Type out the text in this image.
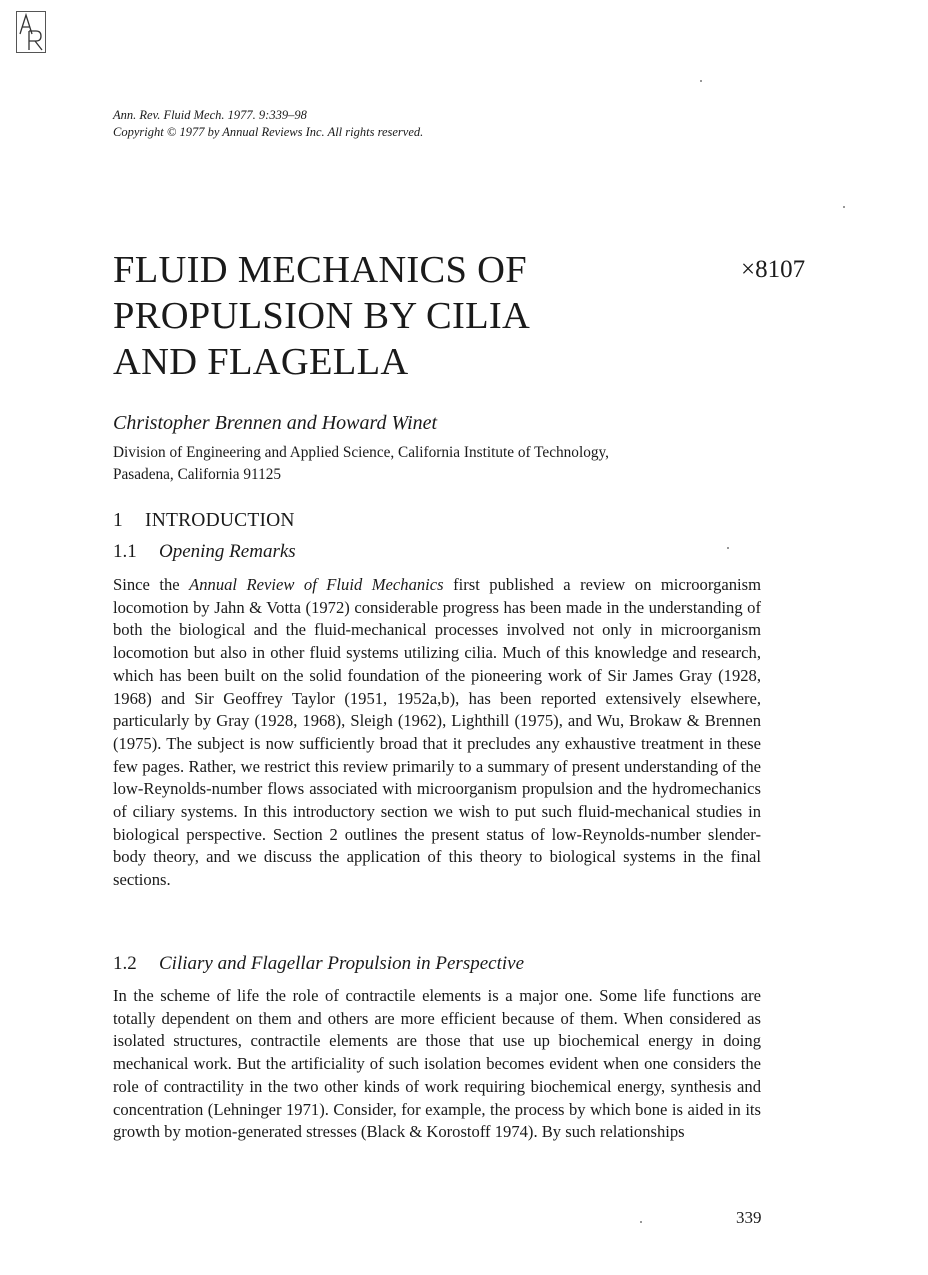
Ann. Rev. Fluid Mech. 1977. 9:339–98
Copyright © 1977 by Annual Reviews Inc. All rights reserved.
FLUID MECHANICS OF
PROPULSION BY CILIA
AND FLAGELLA
×8107
Christopher Brennen and Howard Winet
Division of Engineering and Applied Science, California Institute of Technology,
Pasadena, California 91125
1 INTRODUCTION
1.1 Opening Remarks

Since the Annual Review of Fluid Mechanics first published a review on microorganism locomotion by Jahn & Votta (1972) considerable progress has been made in the understanding of both the biological and the fluid-mechanical processes involved not only in microorganism locomotion but also in other fluid systems utilizing cilia. Much of this knowledge and research, which has been built on the solid foundation of the pioneering work of Sir James Gray (1928, 1968) and Sir Geoffrey Taylor (1951, 1952a,b), has been reported extensively elsewhere, particularly by Gray (1928, 1968), Sleigh (1962), Lighthill (1975), and Wu, Brokaw & Brennen (1975). The subject is now sufficiently broad that it precludes any exhaustive treatment in these few pages. Rather, we restrict this review primarily to a summary of present understanding of the low-Reynolds-number flows associated with microorganism propulsion and the hydromechanics of ciliary systems. In this introductory section we wish to put such fluid-mechanical studies in biological perspective. Section 2 outlines the present status of low-Reynolds-number slender-body theory, and we discuss the application of this theory to biological systems in the final sections.

1.2 Ciliary and Flagellar Propulsion in Perspective

In the scheme of life the role of contractile elements is a major one. Some life functions are totally dependent on them and others are more efficient because of them. When considered as isolated structures, contractile elements are those that use up biochemical energy in doing mechanical work. But the artificiality of such isolation becomes evident when one considers the role of contractility in the two other kinds of work requiring biochemical energy, synthesis and concentration (Lehninger 1971). Consider, for example, the process by which bone is aided in its growth by motion-generated stresses (Black & Korostoff 1974). By such relationships

339
